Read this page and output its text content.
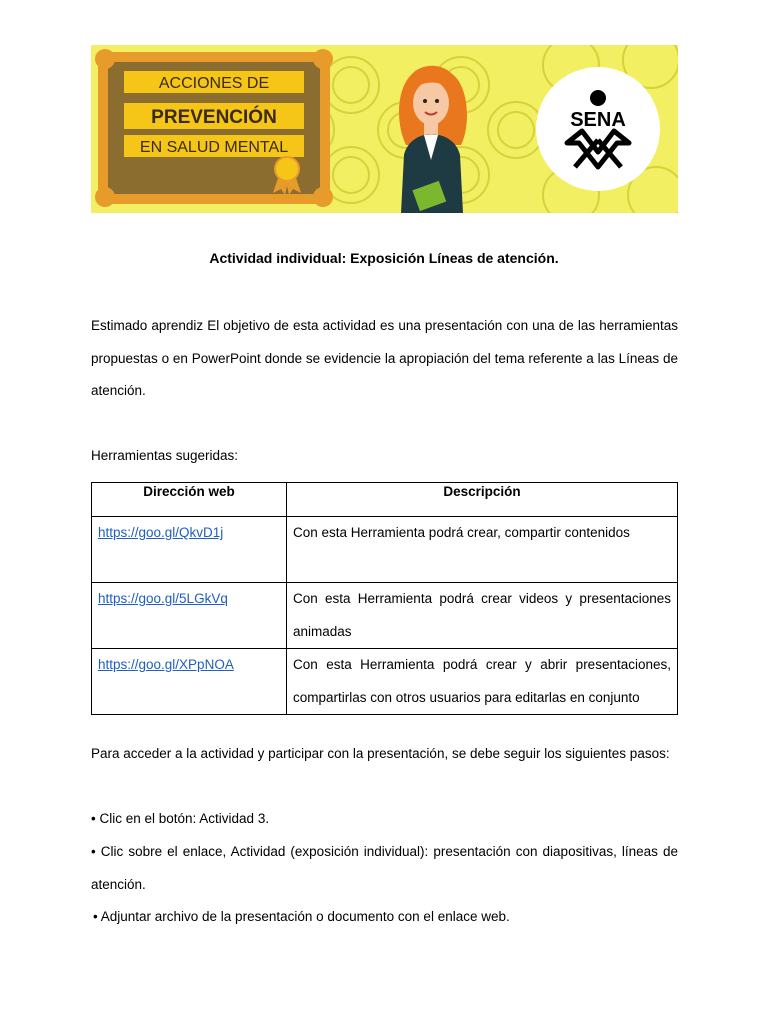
ACCIONES DE
PREVENCIÓN
EN SALUD MENTAL
SENA
Actividad individual: Exposición Líneas de atención.
Estimado aprendiz El objetivo de esta actividad es una presentación con una de las herramientas propuestas o en PowerPoint donde se evidencie la apropiación del tema referente a las Líneas de atención.
Herramientas sugeridas:
Dirección web	Descripción
https://goo.gl/QkvD1j	Con esta Herramienta podrá crear, compartir contenidos
https://goo.gl/5LGkVq	Con esta Herramienta podrá crear videos y presentaciones animadas
https://goo.gl/XPpNOA	Con esta Herramienta podrá crear y abrir presentaciones, compartirlas con otros usuarios para editarlas en conjunto
Para acceder a la actividad y participar con la presentación, se debe seguir los siguientes pasos:
• Clic en el botón: Actividad 3.
• Clic sobre el enlace, Actividad (exposición individual): presentación con diapositivas, líneas de atención.
• Adjuntar archivo de la presentación o documento con el enlace web.
